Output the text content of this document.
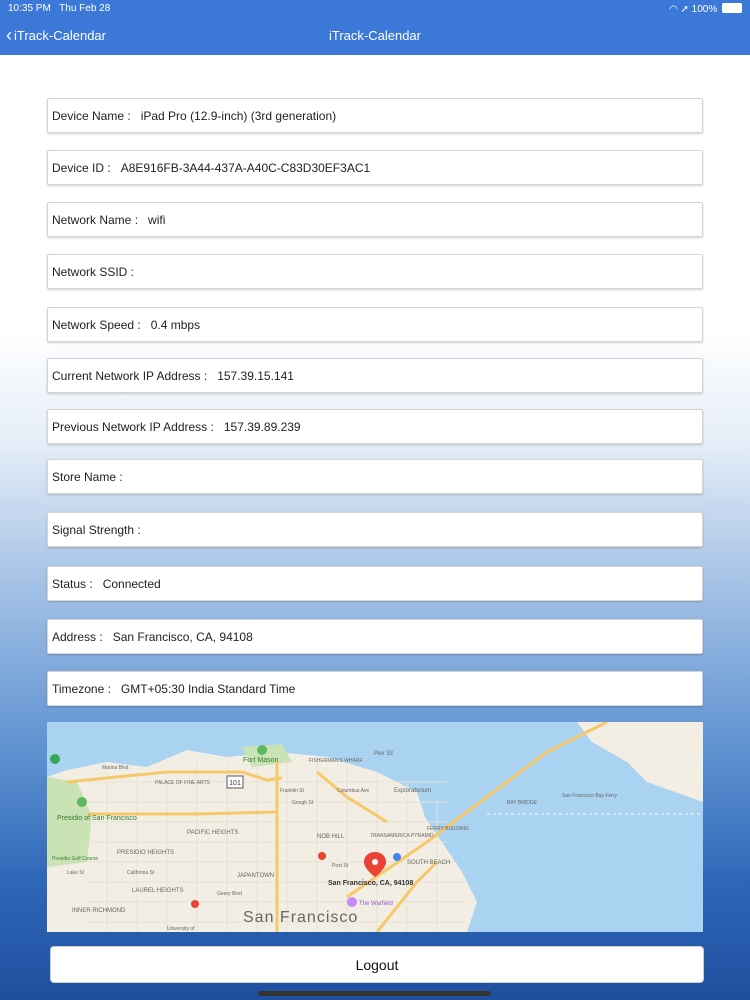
10:35 PM Thu Feb 28	◠ ➚ 100%
‹ iTrack-Calendar	iTrack-Calendar
Device Name : iPad Pro (12.9-inch) (3rd generation)
Device ID : A8E916FB-3A44-437A-A40C-C83D30EF3AC1
Network Name : wifi
Network SSID :
Network Speed : 0.4 mbps
Current Network IP Address : 157.39.15.141
Previous Network IP Address : 157.39.89.239
Store Name :
Signal Strength :
Status : Connected
Address : San Francisco, CA, 94108
Timezone : GMT+05:30 India Standard Time
101
Fort Mason	FISHERMAN'S WHARF
Pier 33
Exploratorium
BAY BRIDGE
San Francisco Bay Ferry
Presidio of San Francisco
PACIFIC HEIGHTS
PRESIDIO HEIGHTS
NOB HILL	TRANSAMERICA PYRAMID
FERRY BUILDING
SOUTH BEACH
JAPANTOWN
LAUREL HEIGHTS
INNER RICHMOND
PALACE OF FINE ARTS
Presidio Golf Course
The Warfield
Marina Blvd
Franklin St
Gough St
Columbus Ave
Post St
Geary Blvd
California St
Lake St
University of
San Francisco
San Francisco, CA, 94108
Logout
